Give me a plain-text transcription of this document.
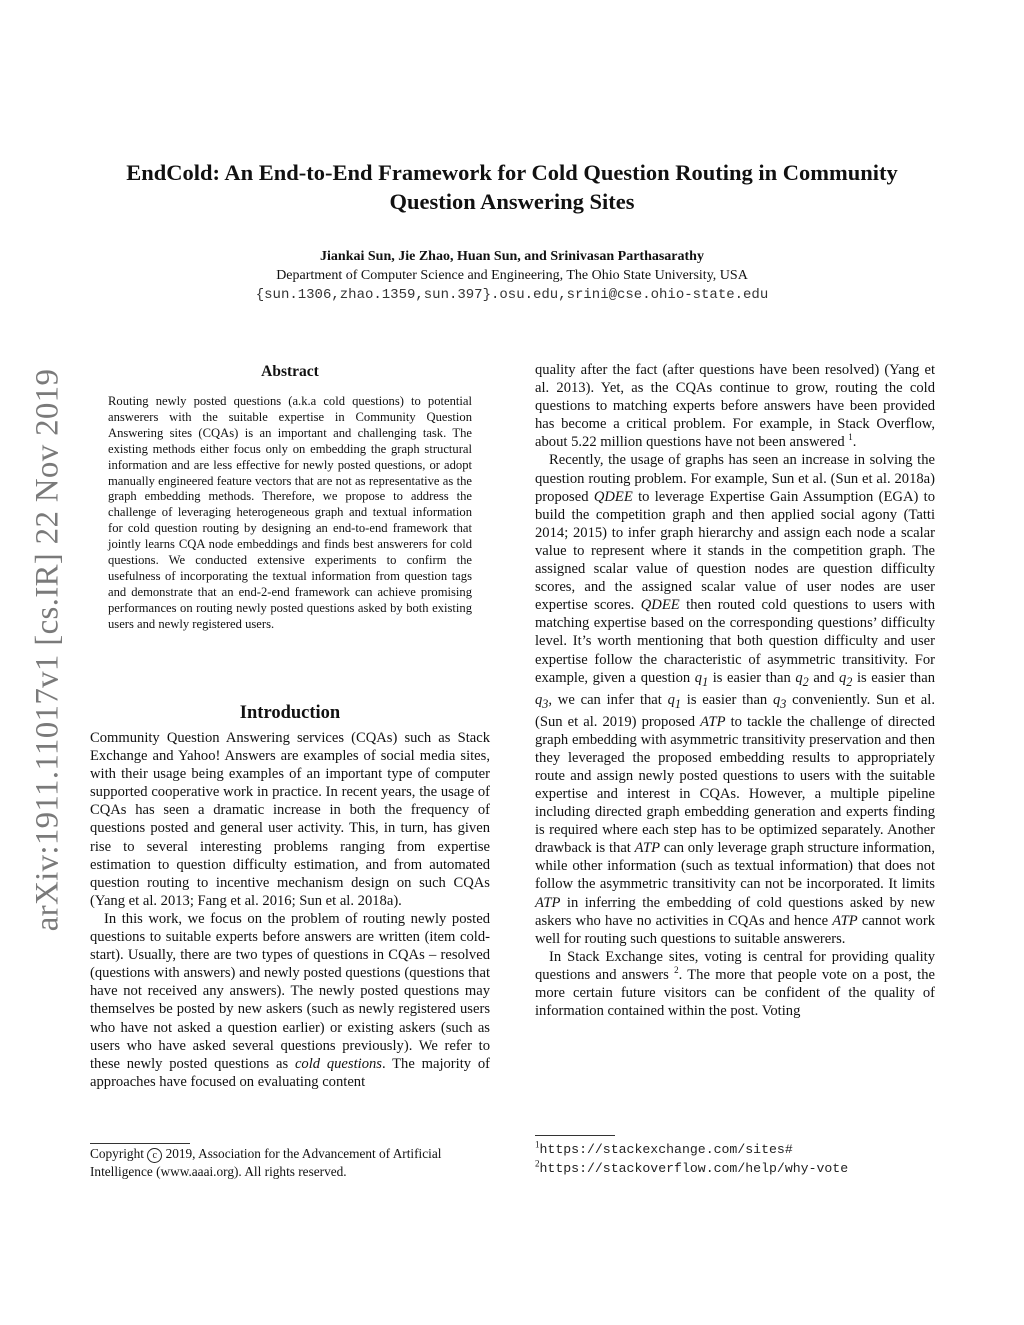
EndCold: An End-to-End Framework for Cold Question Routing in Community
Question Answering Sites
Jiankai Sun, Jie Zhao, Huan Sun, and Srinivasan Parthasarathy
Department of Computer Science and Engineering, The Ohio State University, USA
{sun.1306,zhao.1359,sun.397}.osu.edu,srini@cse.ohio-state.edu
arXiv:1911.11017v1 [cs.IR] 22 Nov 2019	Abstract
Routing newly posted questions (a.k.a cold questions) to potential answerers with the suitable expertise in Community Question Answering sites (CQAs) is an important and challenging task. The existing methods either focus only on embedding the graph structural information and are less effective for newly posted questions, or adopt manually engineered feature vectors that are not as representative as the graph embedding methods. Therefore, we propose to address the challenge of leveraging heterogeneous graph and textual information for cold question routing by designing an end-to-end framework that jointly learns CQA node embeddings and finds best answerers for cold questions. We conducted extensive experiments to confirm the usefulness of incorporating the textual information from question tags and demonstrate that an end-2-end framework can achieve promising performances on routing newly posted questions asked by both existing users and newly registered users.
Introduction

Community Question Answering services (CQAs) such as Stack Exchange and Yahoo! Answers are examples of social media sites, with their usage being examples of an important type of computer supported cooperative work in practice. In recent years, the usage of CQAs has seen a dramatic increase in both the frequency of questions posted and general user activity. This, in turn, has given rise to several interesting problems ranging from expertise estimation to question difficulty estimation, and from automated question routing to incentive mechanism design on such CQAs (Yang et al. 2013; Fang et al. 2016; Sun et al. 2018a).

In this work, we focus on the problem of routing newly posted questions to suitable experts before answers are written (item cold-start). Usually, there are two types of questions in CQAs – resolved (questions with answers) and newly posted questions (questions that have not received any answers). The newly posted questions may themselves be posted by new askers (such as newly registered users who have not asked a question earlier) or existing askers (such as users who have asked several questions previously). We refer to these newly posted questions as cold questions. The majority of approaches have focused on evaluating content

quality after the fact (after questions have been resolved) (Yang et al. 2013). Yet, as the CQAs continue to grow, routing the cold questions to matching experts before answers have been provided has become a critical problem. For example, in Stack Overflow, about 5.22 million questions have not been answered $^1$.

Recently, the usage of graphs has seen an increase in solving the question routing problem. For example, Sun et al. (Sun et al. 2018a) proposed QDEE to leverage Expertise Gain Assumption (EGA) to build the competition graph and then applied social agony (Tatti 2014; 2015) to infer graph hierarchy and assign each node a scalar value to represent where it stands in the competition graph. The assigned scalar value of question nodes are question difficulty scores, and the assigned scalar value of user nodes are user expertise scores. QDEE then routed cold questions to users with matching expertise based on the corresponding questions’ difficulty level. It’s worth mentioning that both question difficulty and user expertise follow the characteristic of asymmetric transitivity. For example, given a question $q_1$ is easier than $q_2$ and $q_2$ is easier than $q_3$, we can infer that $q_1$ is easier than $q_3$ conveniently. Sun et al. (Sun et al. 2019) proposed ATP to tackle the challenge of directed graph embedding with asymmetric transitivity preservation and then they leveraged the proposed embedding results to appropriately route and assign newly posted questions to users with the suitable expertise and interest in CQAs. However, a multiple pipeline including directed graph embedding generation and experts finding is required where each step has to be optimized separately. Another drawback is that ATP can only leverage graph structure information, while other information (such as textual information) that does not follow the asymmetric transitivity can not be incorporated. It limits ATP in inferring the embedding of cold questions asked by new askers who have no activities in CQAs and hence ATP cannot work well for routing such questions to suitable answerers.

In Stack Exchange sites, voting is central for providing quality questions and answers $^2$. The more that people vote on a post, the more certain future visitors can be confident of the quality of information contained within the post. Voting

Copyright c 2019, Association for the Advancement of Artificial Intelligence (www.aaai.org). All rights reserved.
$^1$https://stackexchange.com/sites#
$^2$https://stackoverflow.com/help/why-vote
